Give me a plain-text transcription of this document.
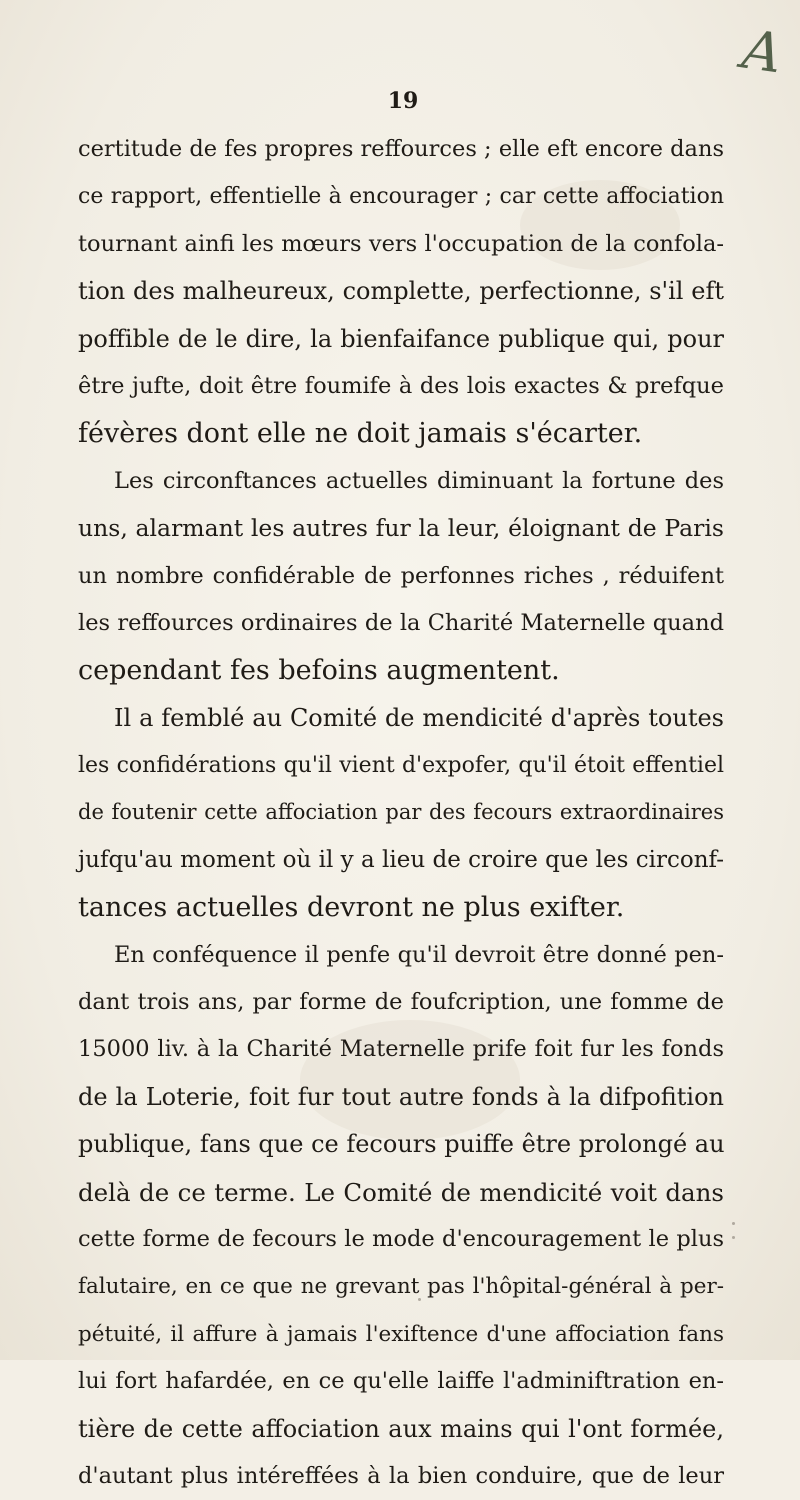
A
19
certitude de fes propres reffources ; elle eft encore dans
ce rapport, effentielle à encourager ; car cette affociation
tournant ainfi les mœurs vers l'occupation de la confola-
tion des malheureux, complette, perfectionne, s'il eft
poffible de le dire, la bienfaifance publique qui, pour
être jufte, doit être foumife à des lois exactes & prefque
févères dont elle ne doit jamais s'écarter.
Les circonftances actuelles diminuant la fortune des
uns, alarmant les autres fur la leur, éloignant de Paris
un nombre confidérable de perfonnes riches , réduifent
les reffources ordinaires de la Charité Maternelle quand
cependant fes befoins augmentent.
Il a femblé au Comité de mendicité d'après toutes
les confidérations qu'il vient d'expofer, qu'il étoit effentiel
de foutenir cette affociation par des fecours extraordinaires
jufqu'au moment où il y a lieu de croire que les circonf-
tances actuelles devront ne plus exifter.
En conféquence il penfe qu'il devroit être donné pen-
dant trois ans, par forme de foufcription, une fomme de
15000 liv. à la Charité Maternelle prife foit fur les fonds
de la Loterie, foit fur tout autre fonds à la difpofition
publique, fans que ce fecours puiffe être prolongé au
delà de ce terme. Le Comité de mendicité voit dans
cette forme de fecours le mode d'encouragement le plus
falutaire, en ce que ne grevant pas l'hôpital-général à per-
pétuité, il affure à jamais l'exiftence d'une affociation fans
lui fort hafardée, en ce qu'elle laiffe l'adminiftration en-
tière de cette affociation aux mains qui l'ont formée,
d'autant plus intéreffées à la bien conduire, que de leur
